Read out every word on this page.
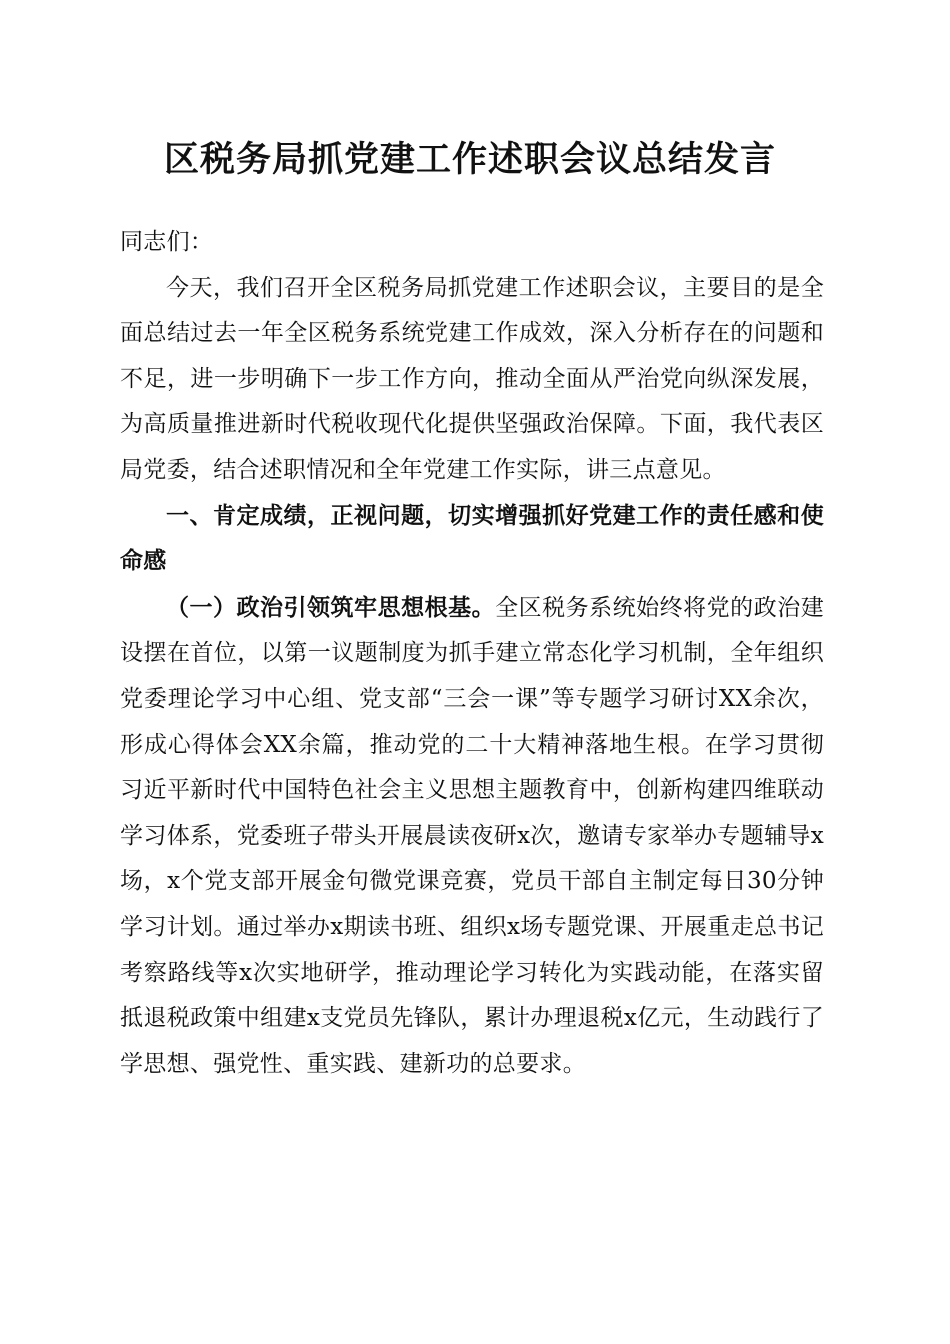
区税务局抓党建工作述职会议总结发言

同志们：

今天，我们召开全区税务局抓党建工作述职会议，主要目的是全面总结过去一年全区税务系统党建工作成效，深入分析存在的问题和不足，进一步明确下一步工作方向，推动全面从严治党向纵深发展，为高质量推进新时代税收现代化提供坚强政治保障。下面，我代表区局党委，结合述职情况和全年党建工作实际，讲三点意见。

一、肯定成绩，正视问题，切实增强抓好党建工作的责任感和使命感

（一）政治引领筑牢思想根基。全区税务系统始终将党的政治建设摆在首位，以第一议题制度为抓手建立常态化学习机制，全年组织党委理论学习中心组、党支部“三会一课”等专题学习研讨XX余次，形成心得体会XX余篇，推动党的二十大精神落地生根。在学习贯彻习近平新时代中国特色社会主义思想主题教育中，创新构建四维联动学习体系，党委班子带头开展晨读夜研x次，邀请专家举办专题辅导x场，x个党支部开展金句微党课竞赛，党员干部自主制定每日30分钟学习计划。通过举办x期读书班、组织x场专题党课、开展重走总书记考察路线等x次实地研学，推动理论学习转化为实践动能，在落实留抵退税政策中组建x支党员先锋队，累计办理退税x亿元，生动践行了学思想、强党性、重实践、建新功的总要求。
